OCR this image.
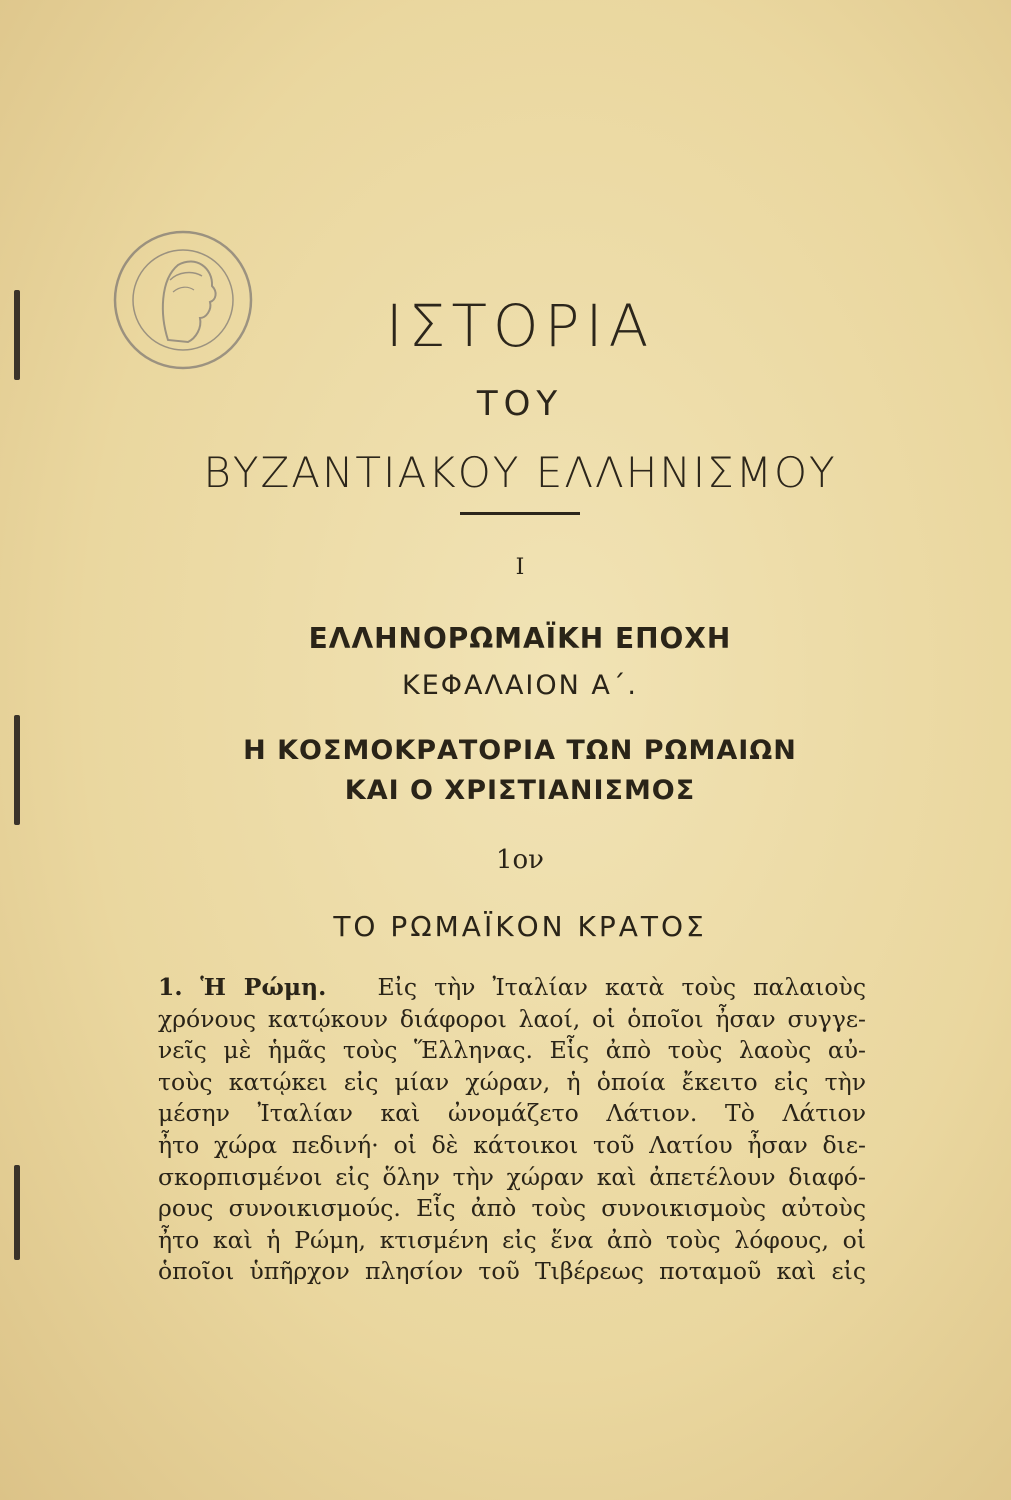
ΙΣΤΟΡΙΑ
ΤΟΥ
ΒΥΖΑΝΤΙΑΚΟΥ ΕΛΛΗΝΙΣΜΟΥ
I
ΕΛΛΗΝΟΡΩΜΑΪΚΗ ΕΠΟΧΗ
ΚΕΦΑΛΑΙΟΝ Α΄.
Η ΚΟΣΜΟΚΡΑΤΟΡΙΑ ΤΩΝ ΡΩΜΑΙΩΝ
ΚΑΙ Ο ΧΡΙΣΤΙΑΝΙΣΜΟΣ
1ον
ΤΟ ΡΩΜΑΪΚΟΝ ΚΡΑΤΟΣ
1. Ἡ Ρώμη. Εἰς τὴν Ἰταλίαν κατὰ τοὺς παλαιοὺς
χρόνους κατῴκουν διάφοροι λαοί, οἱ ὁποῖοι ἦσαν συγγε-
νεῖς μὲ ἡμᾶς τοὺς Ἕλληνας. Εἷς ἀπὸ τοὺς λαοὺς αὐ-
τοὺς κατῴκει εἰς μίαν χώραν, ἡ ὁποία ἔκειτο εἰς τὴν
μέσην Ἰταλίαν καὶ ὠνομάζετο Λάτιον. Τὸ Λάτιον
ἦτο χώρα πεδινή· οἱ δὲ κάτοικοι τοῦ Λατίου ἦσαν διε-
σκορπισμένοι εἰς ὅλην τὴν χώραν καὶ ἀπετέλουν διαφό-
ρους συνοικισμούς. Εἷς ἀπὸ τοὺς συνοικισμοὺς αὐτοὺς
ἦτο καὶ ἡ Ρώμη, κτισμένη εἰς ἕνα ἀπὸ τοὺς λόφους, οἱ
ὁποῖοι ὑπῆρχον πλησίον τοῦ Τιβέρεως ποταμοῦ καὶ εἰς
